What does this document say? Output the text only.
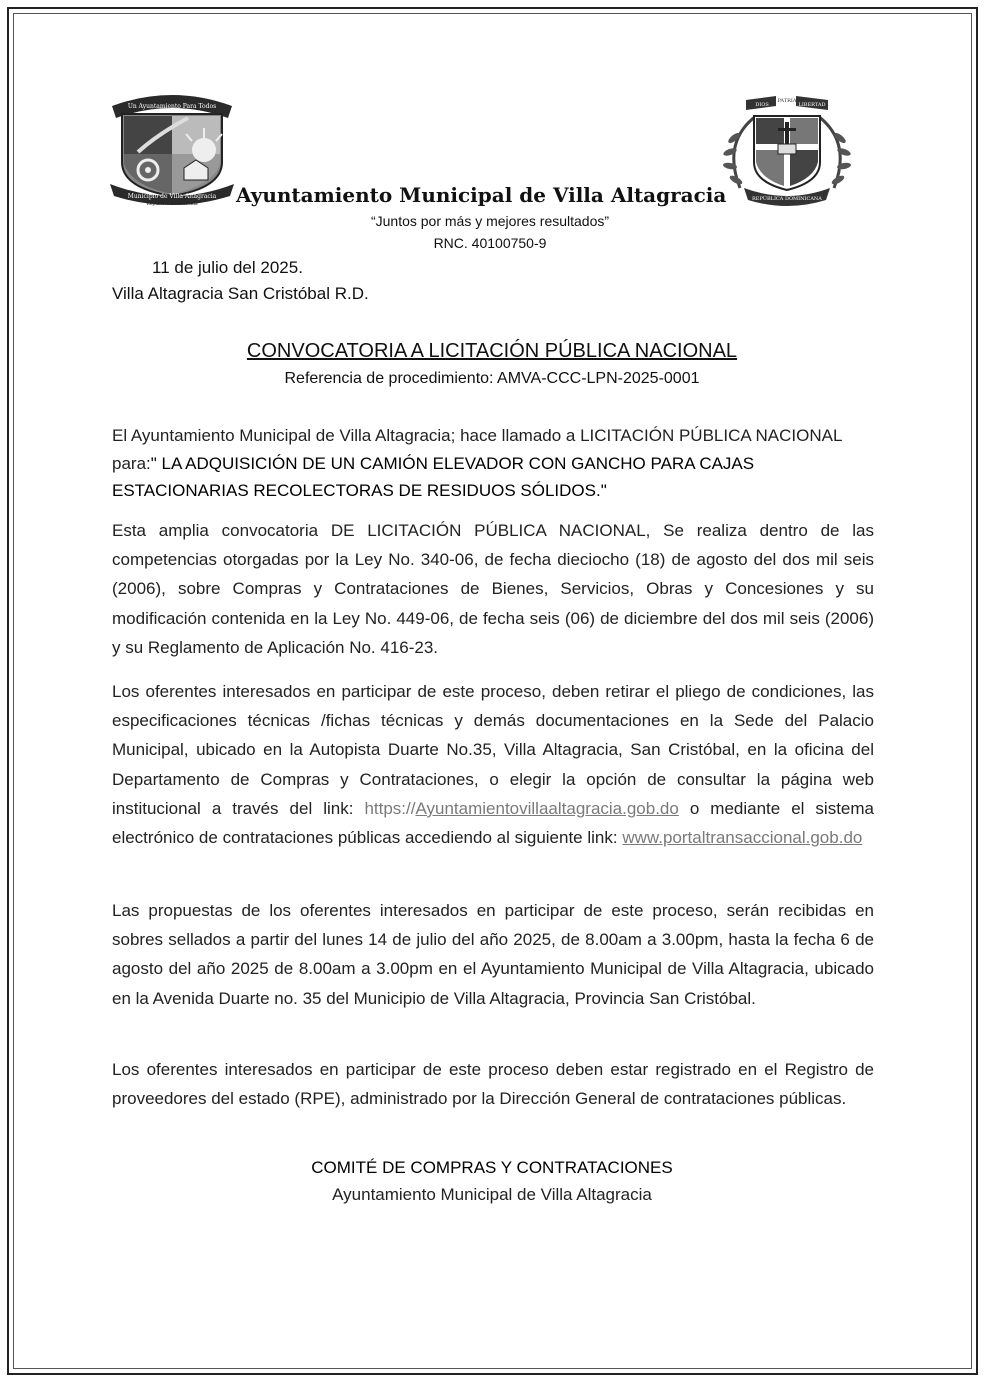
Un Ayuntamiento Para Todos
Municipio de Villa Altagracia
República Dominicana
DIOS
PATRIA
LIBERTAD
REPÚBLICA DOMINICANA
Ayuntamiento Municipal de Villa Altagracia
“Juntos por más y mejores resultados”
RNC. 40100750-9
11 de julio del 2025.
Villa Altagracia San Cristóbal R.D.
CONVOCATORIA A LICITACIÓN PÚBLICA NACIONAL
Referencia de procedimiento: AMVA-CCC-LPN-2025-0001
El Ayuntamiento Municipal de Villa Altagracia; hace llamado a LICITACIÓN PÚBLICA NACIONAL para:" LA ADQUISICIÓN DE UN CAMIÓN ELEVADOR CON GANCHO PARA CAJAS ESTACIONARIAS RECOLECTORAS DE RESIDUOS SÓLIDOS."
Esta amplia convocatoria DE LICITACIÓN PÚBLICA NACIONAL, Se realiza dentro de las competencias otorgadas por la Ley No. 340-06, de fecha dieciocho (18) de agosto del dos mil seis (2006), sobre Compras y Contrataciones de Bienes, Servicios, Obras y Concesiones y su modificación contenida en la Ley No. 449-06, de fecha seis (06) de diciembre del dos mil seis (2006) y su Reglamento de Aplicación No. 416-23.
Los oferentes interesados en participar de este proceso, deben retirar el pliego de condiciones, las especificaciones técnicas /fichas técnicas y demás documentaciones en la Sede del Palacio Municipal, ubicado en la Autopista Duarte No.35, Villa Altagracia, San Cristóbal, en la oficina del Departamento de Compras y Contrataciones, o elegir la opción de consultar la página web institucional a través del link: https://Ayuntamientovillaaltagracia.gob.do o mediante el sistema electrónico de contrataciones públicas accediendo al siguiente link: www.portaltransaccional.gob.do
Las propuestas de los oferentes interesados en participar de este proceso, serán recibidas en sobres sellados a partir del lunes 14 de julio del año 2025, de 8.00am a 3.00pm, hasta la fecha 6 de agosto del año 2025 de 8.00am a 3.00pm en el Ayuntamiento Municipal de Villa Altagracia, ubicado en la Avenida Duarte no. 35 del Municipio de Villa Altagracia, Provincia San Cristóbal.
Los oferentes interesados en participar de este proceso deben estar registrado en el Registro de proveedores del estado (RPE), administrado por la Dirección General de contrataciones públicas.
COMITÉ DE COMPRAS Y CONTRATACIONES
Ayuntamiento Municipal de Villa Altagracia
